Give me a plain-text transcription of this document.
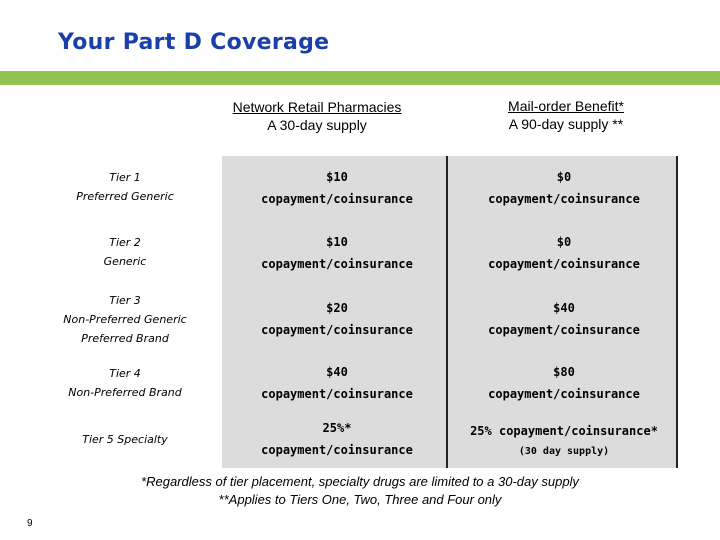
Your Part D Coverage
Network Retail Pharmacies
A 30-day supply
Mail-order Benefit*
A 90-day supply **
Tier 1
Preferred Generic
$10
copayment/coinsurance
$0
copayment/coinsurance
Tier 2
Generic
$10
copayment/coinsurance
$0
copayment/coinsurance
Tier 3
Non-Preferred Generic
Preferred Brand
$20
copayment/coinsurance
$40
copayment/coinsurance
Tier 4
Non-Preferred Brand
$40
copayment/coinsurance
$80
copayment/coinsurance
Tier 5 Specialty
25%*
copayment/coinsurance
25% copayment/coinsurance*
(30 day supply)
*Regardless of tier placement, specialty drugs are limited to a 30-day supply
**Applies to Tiers One, Two, Three and Four only
9
